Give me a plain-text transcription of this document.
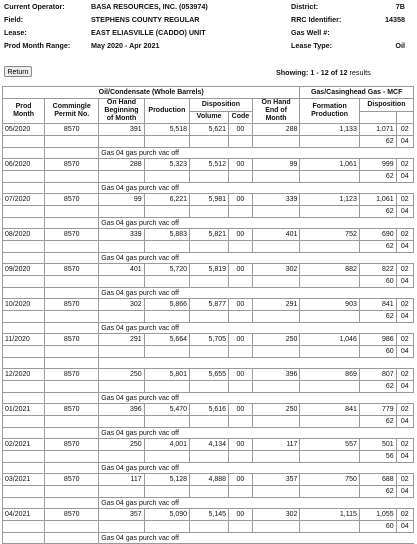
Current Operator:	BASA RESOURCES, INC. (053974)
Field:	STEPHENS COUNTY REGULAR
Lease:	EAST ELIASVILLE (CADDO) UNIT
Prod Month Range:	May 2020 - Apr 2021
District:	7B
RRC Identifier:	14358
Gas Well #:
Lease Type:	Oil
Return	Showing: 1 - 12 of 12 results
Oil/Condensate (Whole Barrels)							Gas/Casinghead Gas - MCF		
Prod Month	Commingle Permit No.	On Hand Beginning of Month	Production	Disposition		On Hand End of Month	Formation Production	Disposition	
				Volume	Code				
05/2020	8570	391	5,518	5,621	00	288	1,133	1,071	02
								62	04
		Gas 04 gas purch vac off							
06/2020	8570	288	5,323	5,512	00	99	1,061	999	02
								62	04
		Gas 04 gas purch vac off							
07/2020	8570	99	6,221	5,981	00	339	1,123	1,061	02
								62	04
		Gas 04 gas purch vac off							
08/2020	8570	339	5,883	5,821	00	401	752	690	02
								62	04
		Gas 04 gas purch vac off							
09/2020	8570	401	5,720	5,819	00	302	882	822	02
								60	04
		Gas 04 gas purch vac off							
10/2020	8570	302	5,866	5,877	00	291	903	841	02
								62	04
		Gas 04 gas purch vac off							
11/2020	8570	291	5,664	5,705	00	250	1,046	986	02
								60	04

12/2020	8570	250	5,801	5,655	00	396	869	807	02
								62	04
		Gas 04 gas purch vac off							
01/2021	8570	396	5,470	5,616	00	250	841	779	02
								62	04
		Gas 04 gas purch vac off							
02/2021	8570	250	4,001	4,134	00	117	557	501	02
								56	04
		Gas 04 gas purch vac off							
03/2021	8570	117	5,128	4,888	00	357	750	688	02
								62	04
		Gas 04 gas purch vac off							
04/2021	8570	357	5,090	5,145	00	302	1,115	1,055	02
								60	04
		Gas 04 gas purch vac off							
